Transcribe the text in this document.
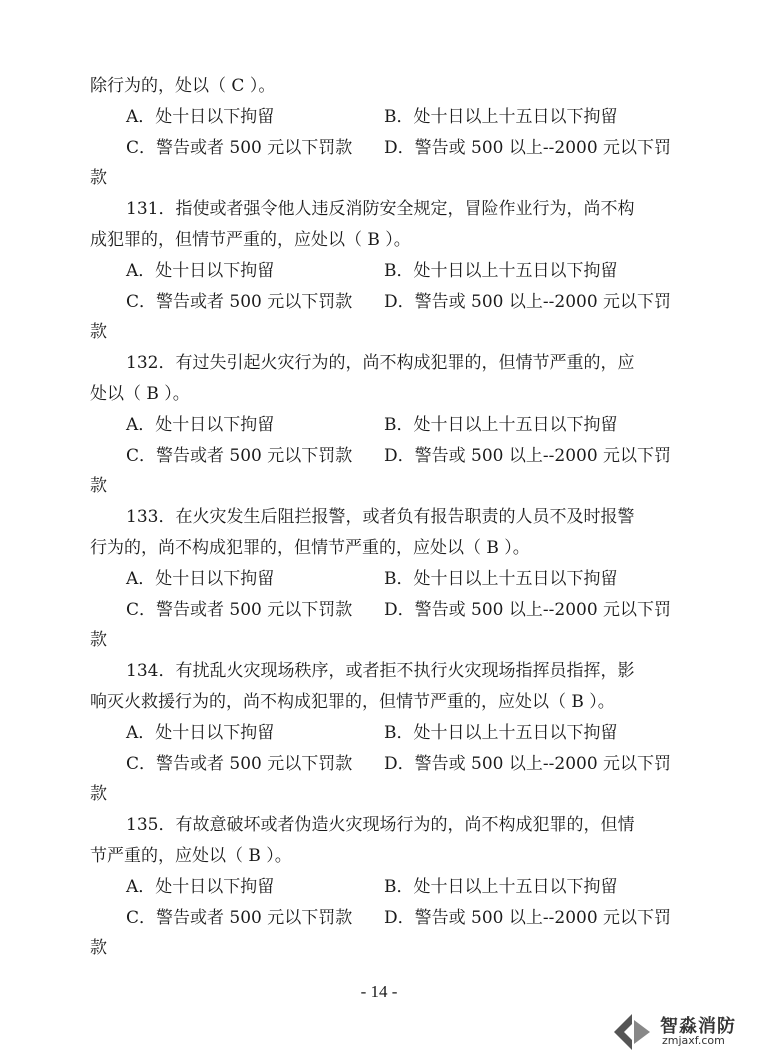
除行为的，处以（ C ）。
A．处十日以下拘留	B．处十日以上十五日以下拘留
C．警告或者 500 元以下罚款 D．警告或 500 以上--2000 元以下罚
款
131．指使或者强令他人违反消防安全规定，冒险作业行为，尚不构
成犯罪的，但情节严重的，应处以（ B ）。
A．处十日以下拘留	B．处十日以上十五日以下拘留
C．警告或者 500 元以下罚款 D．警告或 500 以上--2000 元以下罚
款
132．有过失引起火灾行为的，尚不构成犯罪的，但情节严重的，应
处以（ B ）。
A．处十日以下拘留	B．处十日以上十五日以下拘留
C．警告或者 500 元以下罚款 D．警告或 500 以上--2000 元以下罚
款
133．在火灾发生后阻拦报警，或者负有报告职责的人员不及时报警
行为的，尚不构成犯罪的，但情节严重的，应处以（ B ）。
A．处十日以下拘留	B．处十日以上十五日以下拘留
C．警告或者 500 元以下罚款 D．警告或 500 以上--2000 元以下罚
款
134．有扰乱火灾现场秩序，或者拒不执行火灾现场指挥员指挥，影
响灭火救援行为的，尚不构成犯罪的，但情节严重的，应处以（ B ）。
A．处十日以下拘留	B．处十日以上十五日以下拘留
C．警告或者 500 元以下罚款 D．警告或 500 以上--2000 元以下罚
款
135．有故意破坏或者伪造火灾现场行为的，尚不构成犯罪的，但情
节严重的，应处以（ B ）。
A．处十日以下拘留	B．处十日以上十五日以下拘留
C．警告或者 500 元以下罚款 D．警告或 500 以上--2000 元以下罚
款
- 14 -
智淼消防
zmjaxf.com
